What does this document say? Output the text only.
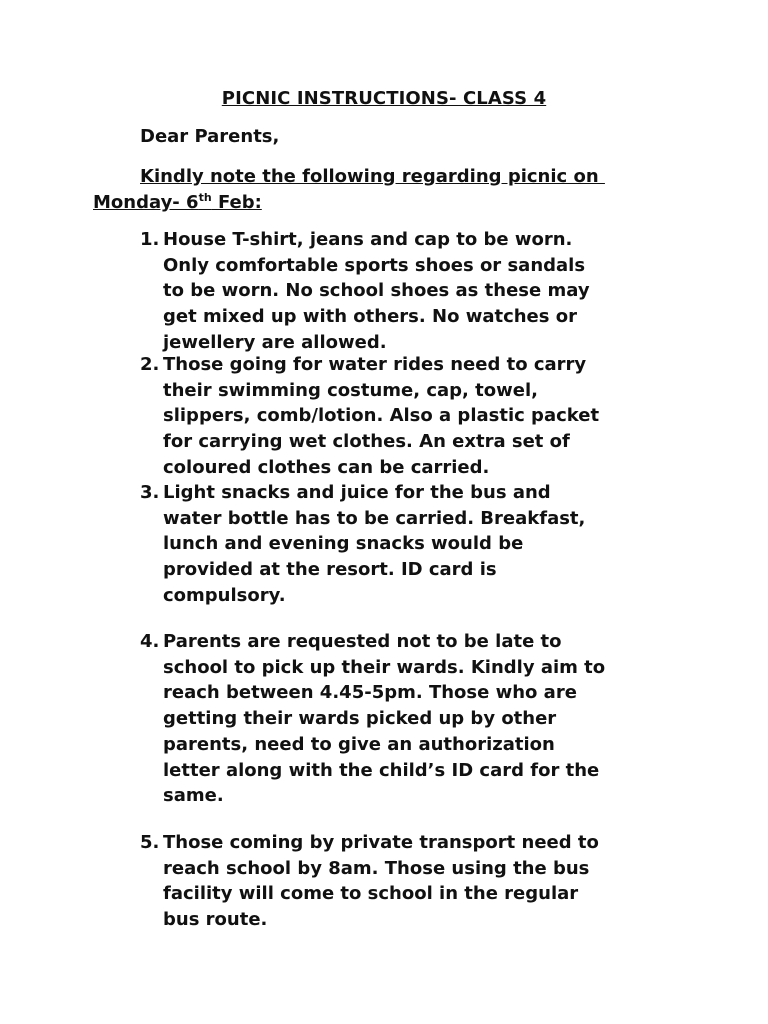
PICNIC INSTRUCTIONS- CLASS 4
Dear Parents,
Kindly note the following regarding picnic on
Monday- 6th Feb:
1. House T-shirt, jeans and cap to be worn.
Only comfortable sports shoes or sandals
to be worn. No school shoes as these may
get mixed up with others. No watches or
jewellery are allowed.
2. Those going for water rides need to carry
their swimming costume, cap, towel,
slippers, comb/lotion. Also a plastic packet
for carrying wet clothes. An extra set of
coloured clothes can be carried.
3. Light snacks and juice for the bus and
water bottle has to be carried. Breakfast,
lunch and evening snacks would be
provided at the resort. ID card is
compulsory.
4. Parents are requested not to be late to
school to pick up their wards. Kindly aim to
reach between 4.45-5pm. Those who are
getting their wards picked up by other
parents, need to give an authorization
letter along with the child’s ID card for the
same.
5. Those coming by private transport need to
reach school by 8am. Those using the bus
facility will come to school in the regular
bus route.
